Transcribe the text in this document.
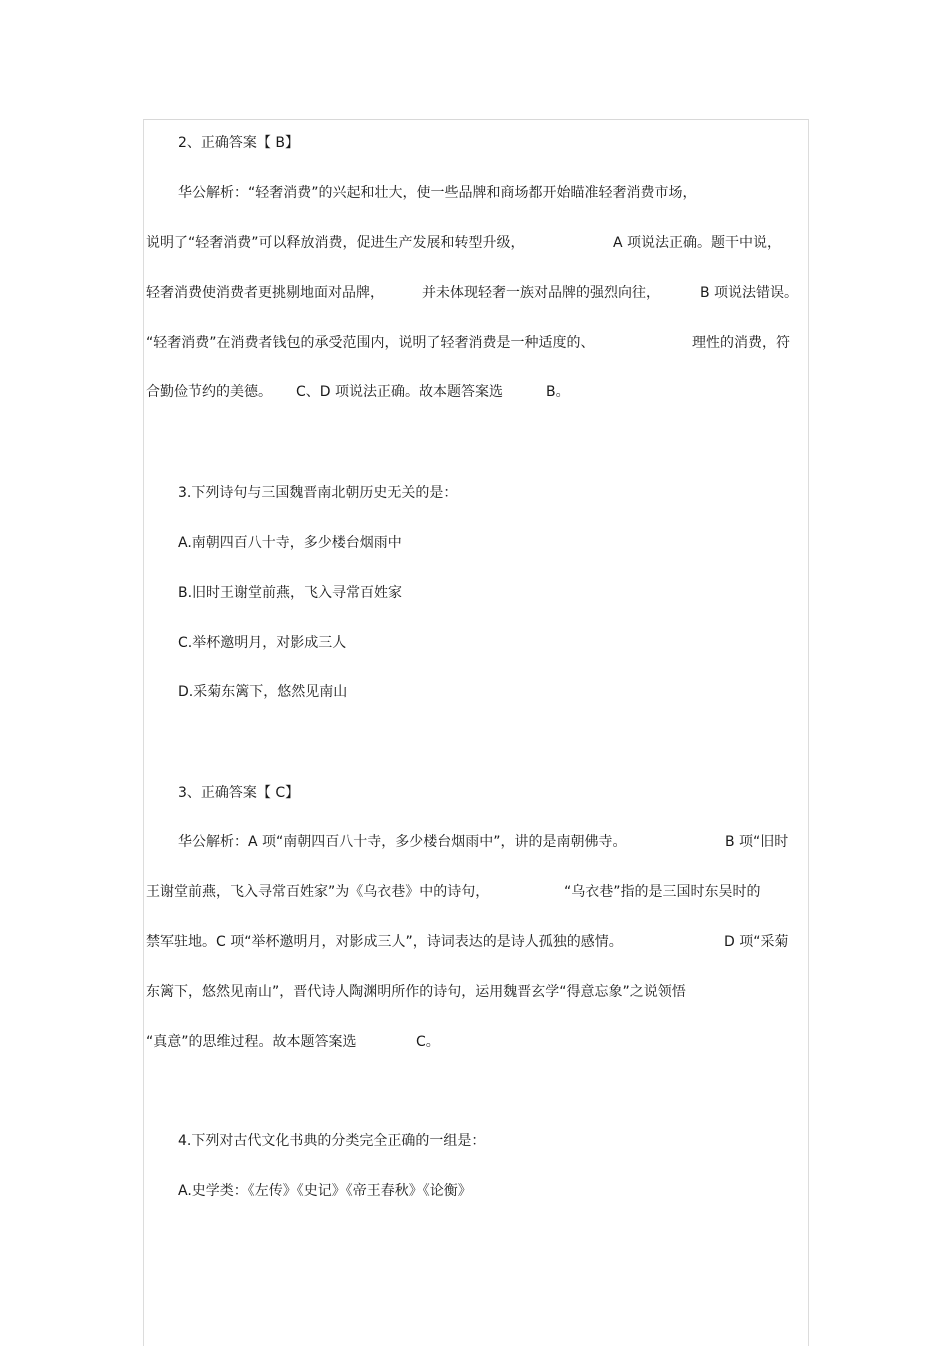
2、正确答案【 B】
华公解析：“轻奢消费”的兴起和壮大，使一些品牌和商场都开始瞄准轻奢消费市场，
说明了“轻奢消费”可以释放消费，促进生产发展和转型升级，	A 项说法正确。题干中说，
轻奢消费使消费者更挑剔地面对品牌，	并未体现轻奢一族对品牌的强烈向往，	B 项说法错误。
“轻奢消费”在消费者钱包的承受范围内，说明了轻奢消费是一种适度的、	理性的消费，符
合勤俭节约的美德。 C、D 项说法正确。故本题答案选	B。
3.下列诗句与三国魏晋南北朝历史无关的是：
A.南朝四百八十寺，多少楼台烟雨中
B.旧时王谢堂前燕，飞入寻常百姓家
C.举杯邀明月，对影成三人
D.采菊东篱下，悠然见南山
3、正确答案【 C】
华公解析：A 项“南朝四百八十寺，多少楼台烟雨中”，讲的是南朝佛寺。	B 项“旧时
王谢堂前燕，飞入寻常百姓家”为《乌衣巷》中的诗句，	“乌衣巷”指的是三国时东吴时的
禁军驻地。C 项“举杯邀明月，对影成三人”，诗词表达的是诗人孤独的感情。	D 项“采菊
东篱下，悠然见南山”，晋代诗人陶渊明所作的诗句，运用魏晋玄学“得意忘象”之说领悟
“真意”的思维过程。故本题答案选	C。
4.下列对古代文化书典的分类完全正确的一组是：
A.史学类：《左传》《史记》《帝王春秋》《论衡》
